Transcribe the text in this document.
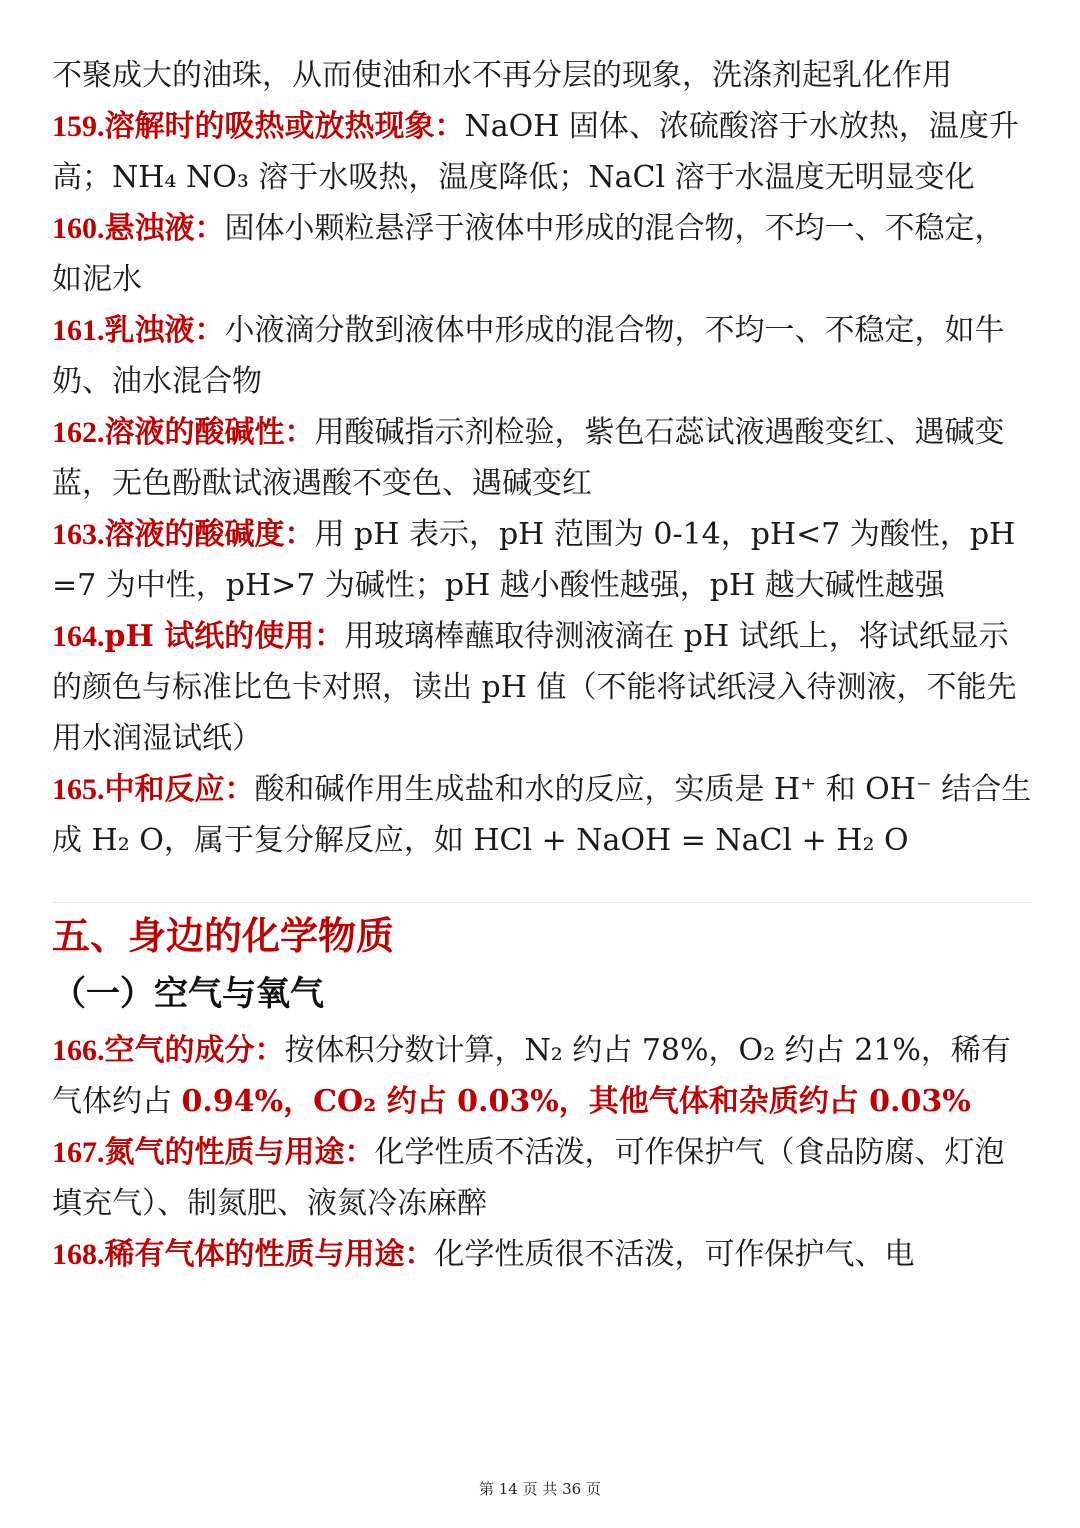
不聚成大的油珠，从而使油和水不再分层的现象，洗涤剂起乳化作用

159.溶解时的吸热或放热现象：NaOH 固体、浓硫酸溶于水放热，温度升高；NH₄ NO₃ 溶于水吸热，温度降低；NaCl 溶于水温度无明显变化

160.悬浊液：固体小颗粒悬浮于液体中形成的混合物，不均一、不稳定，如泥水

161.乳浊液：小液滴分散到液体中形成的混合物，不均一、不稳定，如牛奶、油水混合物

162.溶液的酸碱性：用酸碱指示剂检验，紫色石蕊试液遇酸变红、遇碱变蓝，无色酚酞试液遇酸不变色、遇碱变红

163.溶液的酸碱度：用 pH 表示，pH 范围为 0-14，pH<7 为酸性，pH=7 为中性，pH>7 为碱性；pH 越小酸性越强，pH 越大碱性越强

164.pH 试纸的使用：用玻璃棒蘸取待测液滴在 pH 试纸上，将试纸显示的颜色与标准比色卡对照，读出 pH 值（不能将试纸浸入待测液，不能先用水润湿试纸）

165.中和反应：酸和碱作用生成盐和水的反应，实质是 H⁺ 和 OH⁻ 结合生成 H₂ O，属于复分解反应，如 HCl + NaOH = NaCl + H₂ O

五、身边的化学物质
（一）空气与氧气

166.空气的成分：按体积分数计算，N₂ 约占 78%，O₂ 约占 21%，稀有气体约占 0.94%，CO₂ 约占 0.03%，其他气体和杂质约占 0.03%

167.氮气的性质与用途：化学性质不活泼，可作保护气（食品防腐、灯泡填充气）、制氮肥、液氮冷冻麻醉

168.稀有气体的性质与用途：化学性质很不活泼，可作保护气、电

第 14 页 共 36 页
